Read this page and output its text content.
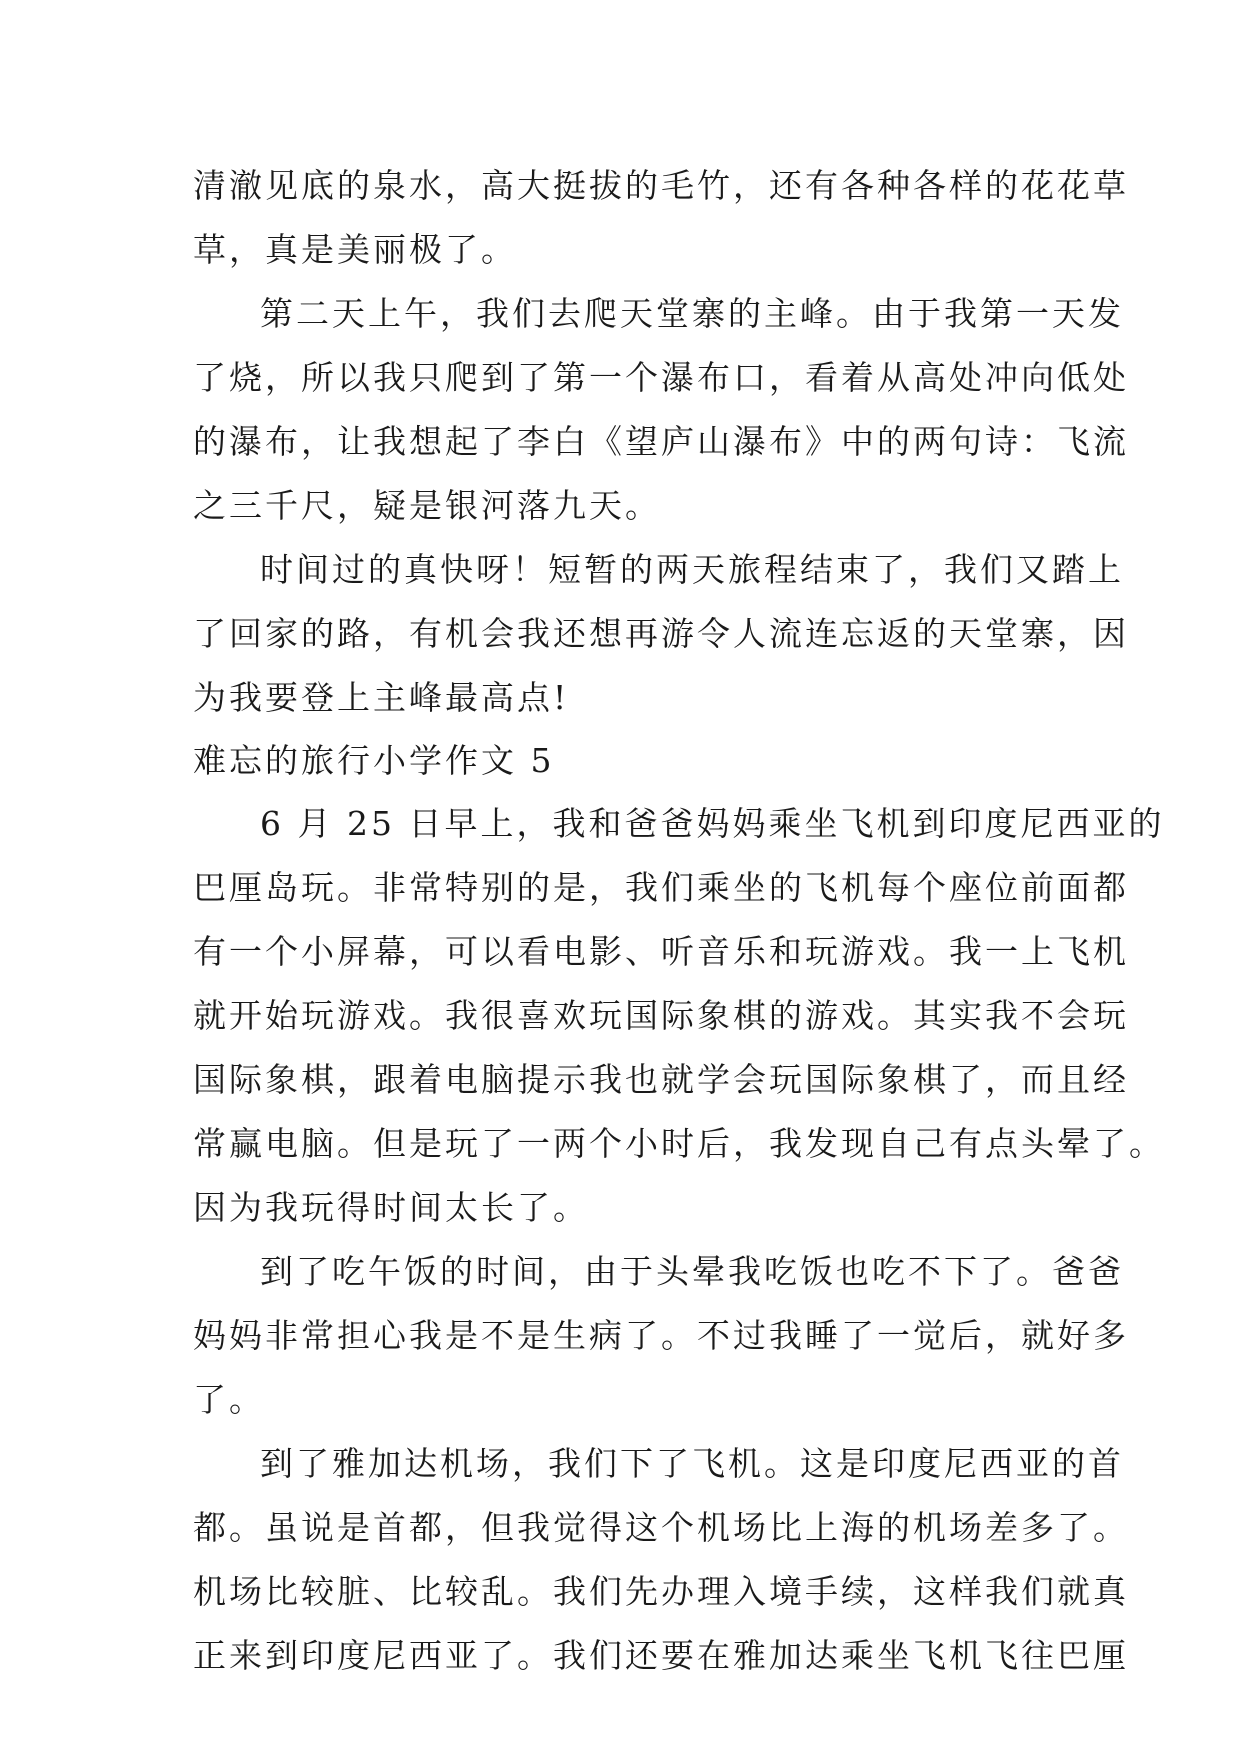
清澈见底的泉水，高大挺拔的毛竹，还有各种各样的花花草
草，真是美丽极了。
第二天上午，我们去爬天堂寨的主峰。由于我第一天发
了烧，所以我只爬到了第一个瀑布口，看着从高处冲向低处
的瀑布，让我想起了李白《望庐山瀑布》中的两句诗：飞流
之三千尺，疑是银河落九天。
时间过的真快呀！短暂的两天旅程结束了，我们又踏上
了回家的路，有机会我还想再游令人流连忘返的天堂寨，因
为我要登上主峰最高点!
难忘的旅行小学作文 5
6 月 25 日早上，我和爸爸妈妈乘坐飞机到印度尼西亚的
巴厘岛玩。非常特别的是，我们乘坐的飞机每个座位前面都
有一个小屏幕，可以看电影、听音乐和玩游戏。我一上飞机
就开始玩游戏。我很喜欢玩国际象棋的游戏。其实我不会玩
国际象棋，跟着电脑提示我也就学会玩国际象棋了，而且经
常赢电脑。但是玩了一两个小时后，我发现自己有点头晕了。
因为我玩得时间太长了。
到了吃午饭的时间，由于头晕我吃饭也吃不下了。爸爸
妈妈非常担心我是不是生病了。不过我睡了一觉后，就好多
了。
到了雅加达机场，我们下了飞机。这是印度尼西亚的首
都。虽说是首都，但我觉得这个机场比上海的机场差多了。
机场比较脏、比较乱。我们先办理入境手续，这样我们就真
正来到印度尼西亚了。我们还要在雅加达乘坐飞机飞往巴厘
